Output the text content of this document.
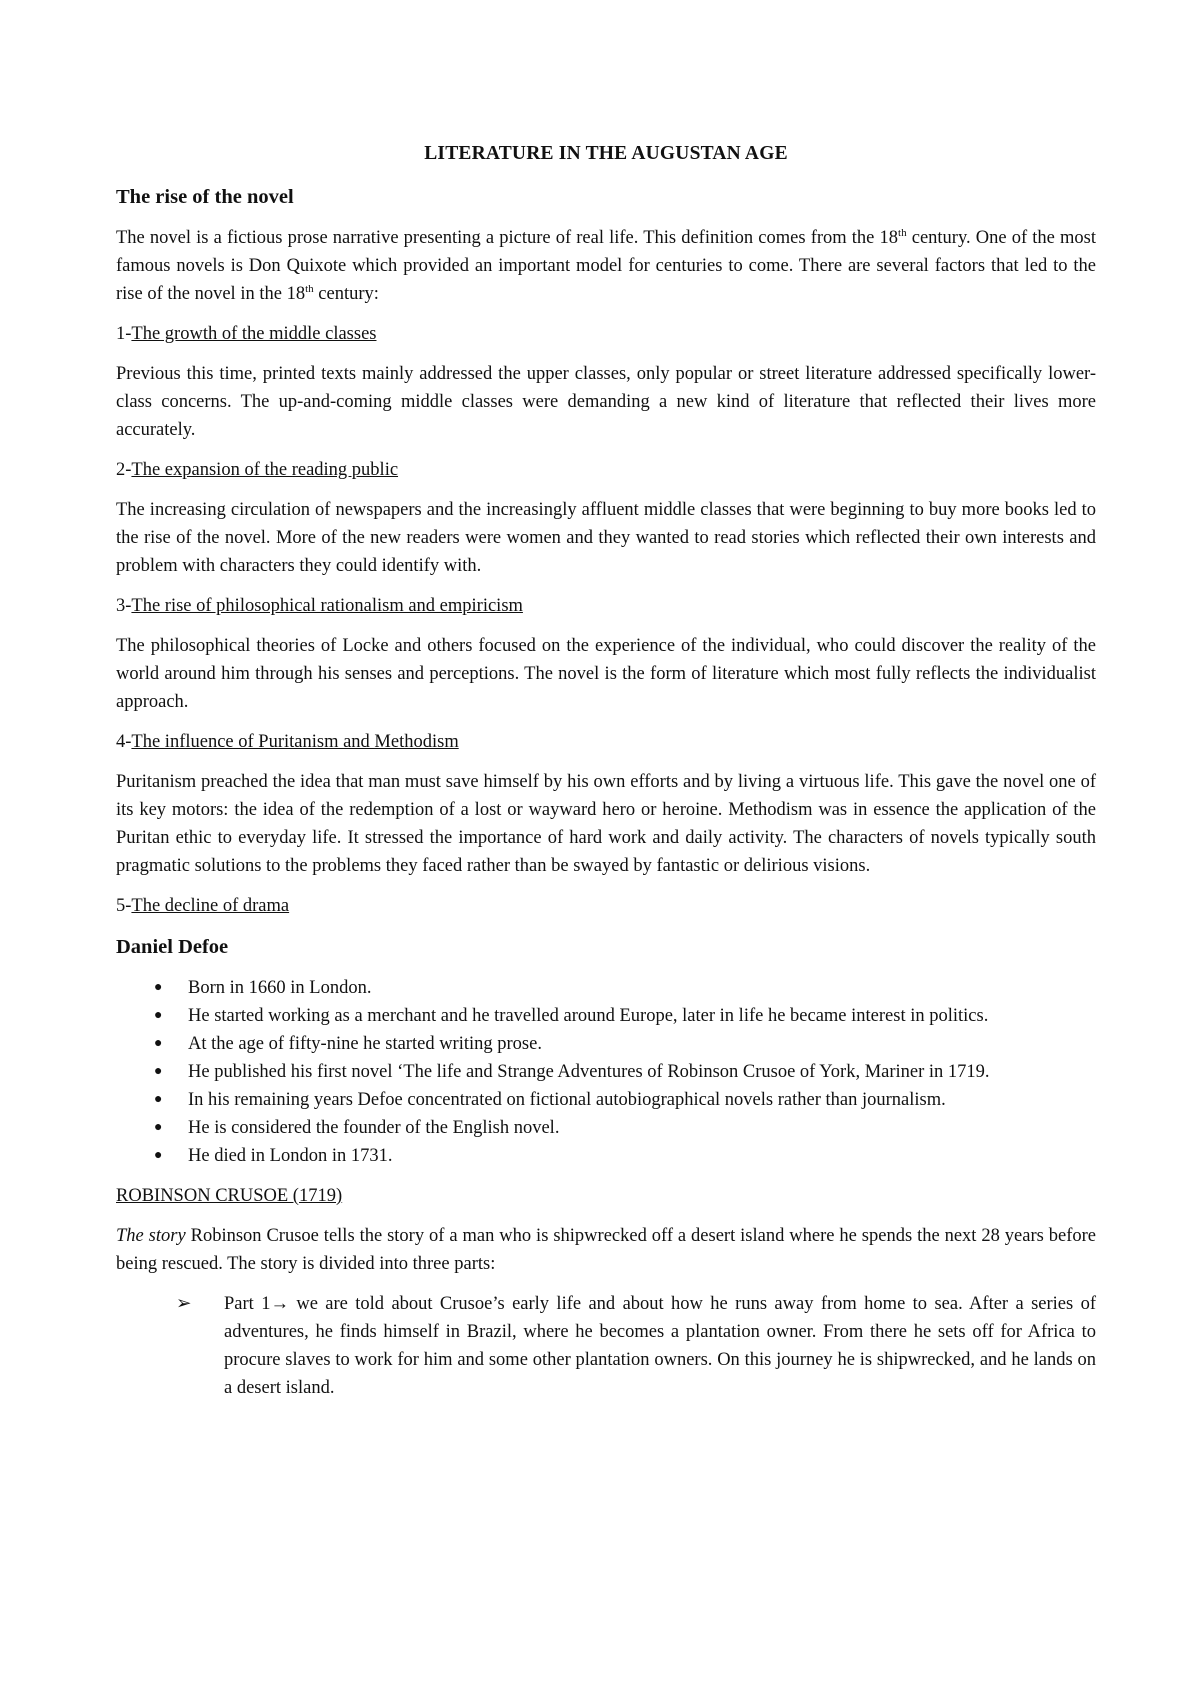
LITERATURE IN THE AUGUSTAN AGE
The rise of the novel

The novel is a fictious prose narrative presenting a picture of real life. This definition comes from the 18th century. One of the most famous novels is Don Quixote which provided an important model for centuries to come. There are several factors that led to the rise of the novel in the 18th century:

1-The growth of the middle classes

Previous this time, printed texts mainly addressed the upper classes, only popular or street literature addressed specifically lower-class concerns. The up-and-coming middle classes were demanding a new kind of literature that reflected their lives more accurately.

2-The expansion of the reading public

The increasing circulation of newspapers and the increasingly affluent middle classes that were beginning to buy more books led to the rise of the novel. More of the new readers were women and they wanted to read stories which reflected their own interests and problem with characters they could identify with.

3-The rise of philosophical rationalism and empiricism

The philosophical theories of Locke and others focused on the experience of the individual, who could discover the reality of the world around him through his senses and perceptions. The novel is the form of literature which most fully reflects the individualist approach.

4-The influence of Puritanism and Methodism

Puritanism preached the idea that man must save himself by his own efforts and by living a virtuous life. This gave the novel one of its key motors: the idea of the redemption of a lost or wayward hero or heroine. Methodism was in essence the application of the Puritan ethic to everyday life. It stressed the importance of hard work and daily activity. The characters of novels typically south pragmatic solutions to the problems they faced rather than be swayed by fantastic or delirious visions.

5-The decline of drama
Daniel Defoe
● Born in 1660 in London.
● He started working as a merchant and he travelled around Europe, later in life he became interest in politics.
● At the age of fifty-nine he started writing prose.
● He published his first novel ‘The life and Strange Adventures of Robinson Crusoe of York, Mariner in 1719.
● In his remaining years Defoe concentrated on fictional autobiographical novels rather than journalism.
● He is considered the founder of the English novel.
● He died in London in 1731.
ROBINSON CRUSOE (1719)

The story Robinson Crusoe tells the story of a man who is shipwrecked off a desert island where he spends the next 28 years before being rescued. The story is divided into three parts:

➢ Part 1→ we are told about Crusoe’s early life and about how he runs away from home to sea. After a series of adventures, he finds himself in Brazil, where he becomes a plantation owner. From there he sets off for Africa to procure slaves to work for him and some other plantation owners. On this journey he is shipwrecked, and he lands on a desert island.
